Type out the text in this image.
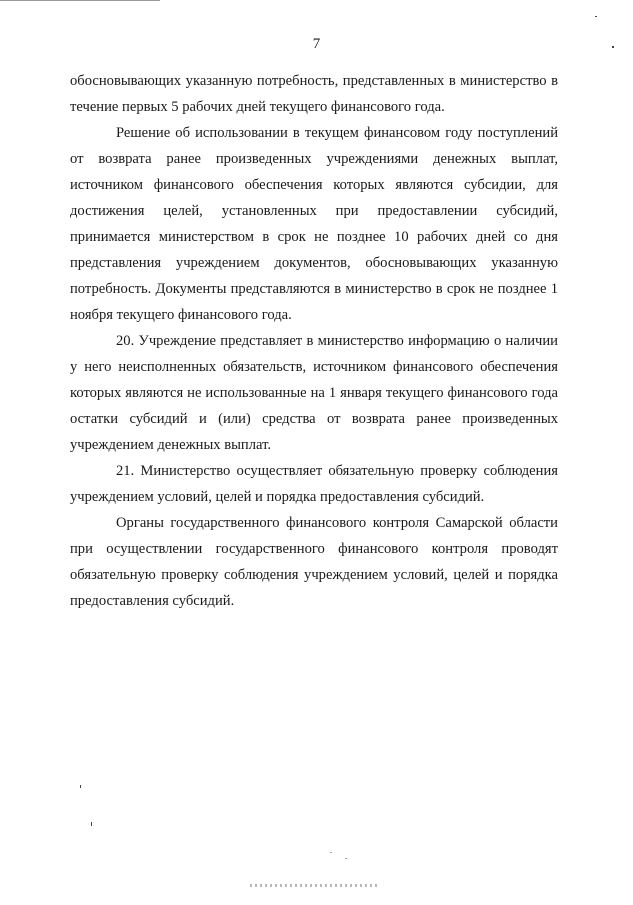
7

обосновывающих указанную потребность, представленных в министерство в течение первых 5 рабочих дней текущего финансового года.

Решение об использовании в текущем финансовом году поступлений от возврата ранее произведенных учреждениями денежных выплат, источником финансового обеспечения которых являются субсидии, для достижения целей, установленных при предоставлении субсидий, принимается министерством в срок не позднее 10 рабочих дней со дня представления учреждением документов, обосновывающих указанную потребность. Документы представляются в министерство в срок не позднее 1 ноября текущего финансового года.

20. Учреждение представляет в министерство информацию о наличии у него неисполненных обязательств, источником финансового обеспечения которых являются не использованные на 1 января текущего финансового года остатки субсидий и (или) средства от возврата ранее произведенных учреждением денежных выплат.

21. Министерство осуществляет обязательную проверку соблюдения учреждением условий, целей и порядка предоставления субсидий.

Органы государственного финансового контроля Самарской области при осуществлении государственного финансового контроля проводят обязательную проверку соблюдения учреждением условий, целей и порядка предоставления субсидий.
